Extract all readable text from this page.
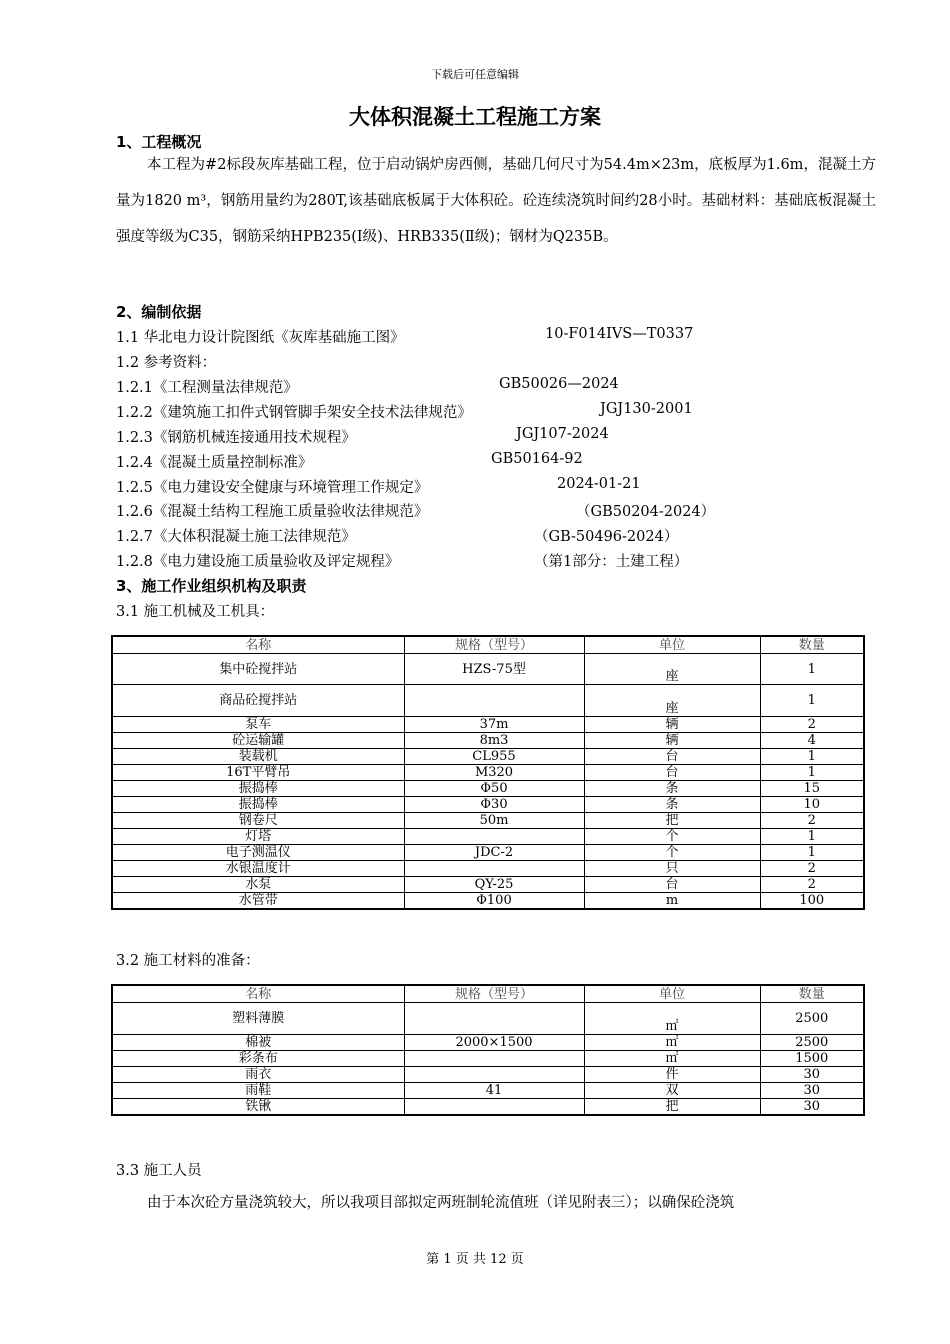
下载后可任意编辑
大体积混凝土工程施工方案
1、工程概况
本工程为#2标段灰库基础工程，位于启动锅炉房西侧，基础几何尺寸为54.4m×23m，底板厚为1.6m，混凝土方量为1820 m³，钢筋用量约为280T,该基础底板属于大体积砼。砼连续浇筑时间约28小时。基础材料：基础底板混凝土强度等级为C35，钢筋采纳HPB235(Ⅰ级)、HRB335(Ⅱ级)；钢材为Q235B。
2、编制依据
1.1 华北电力设计院图纸《灰库基础施工图》	10-F014IVS—T0337
1.2 参考资料：
1.2.1《工程测量法律规范》	GB50026—2024
1.2.2《建筑施工扣件式钢管脚手架安全技术法律规范》	JGJ130-2001
1.2.3《钢筋机械连接通用技术规程》	JGJ107-2024
1.2.4《混凝土质量控制标准》	GB50164-92
1.2.5《电力建设安全健康与环境管理工作规定》	2024-01-21
1.2.6《混凝土结构工程施工质量验收法律规范》	（GB50204-2024）
1.2.7《大体积混凝土施工法律规范》	（GB-50496-2024）
1.2.8《电力建设施工质量验收及评定规程》	（第1部分：土建工程）
3、施工作业组织机构及职责
3.1 施工机械及工机具：
名称	规格（型号）	单位	数量
集中砼搅拌站	HZS-75型	座	1
商品砼搅拌站		座	1
泵车	37m	辆	2
砼运输罐	8m3	辆	4
装载机	CL955	台	1
16T平臂吊	M320	台	1
振捣棒	Φ50	条	15
振捣棒	Φ30	条	10
钢卷尺	50m	把	2
灯塔		个	1
电子测温仪	JDC-2	个	1
水银温度计		只	2
水泵	QY-25	台	2
水管带	Φ100	m	100
3.2 施工材料的准备：
名称	规格（型号）	单位	数量
塑料薄膜		㎡	2500
棉被	2000×1500	㎡	2500
彩条布		㎡	1500
雨衣		件	30
雨鞋	41	双	30
铁锹		把	30
3.3 施工人员
由于本次砼方量浇筑较大，所以我项目部拟定两班制轮流值班（详见附表三）；以确保砼浇筑
第 1 页 共 12 页
